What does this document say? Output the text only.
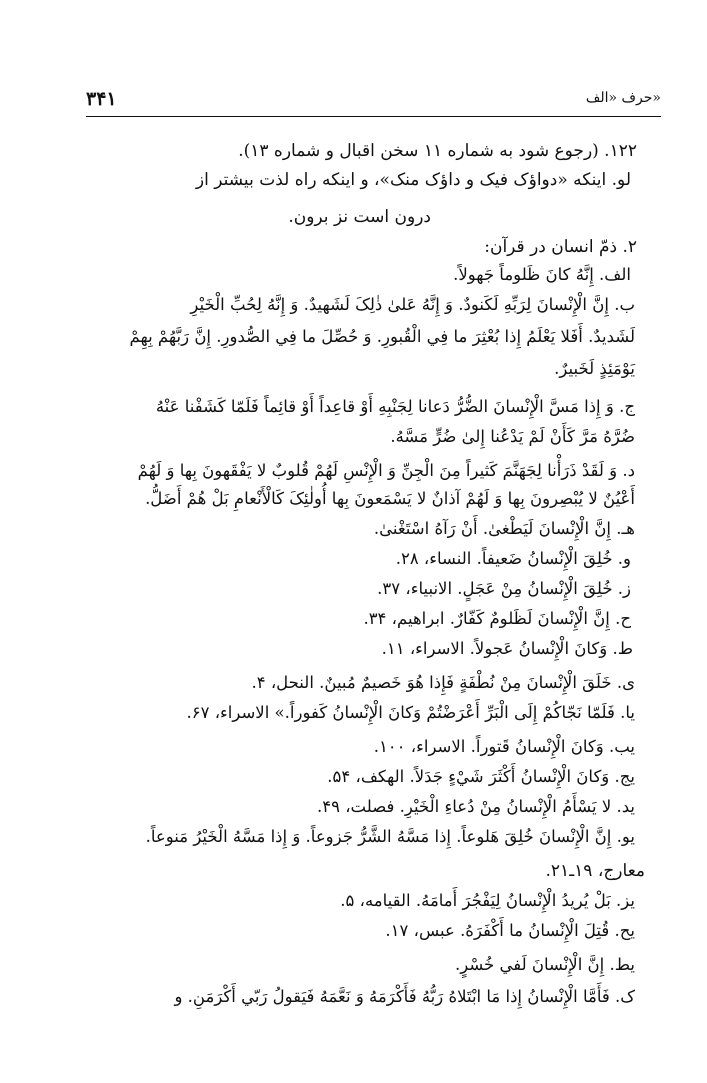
۳۴۱	حرف «الف»
۱۲۲. (رجوع شود به شماره ۱۱ سخن اقبال و شماره ۱۳).
لو. اینکه «دواؤک فیک و داؤک منک»، و اینکه راه لذت بیشتر از
درون است نز برون.
۲. ذمّ انسان در قرآن:
الف. إِنَّهُ کانَ ظَلوماً جَهولاً.
ب. إِنَّ الْإِنْسانَ لِرَبِّهِ لَكَنودٌ. وَ إِنَّهُ عَلىٰ ذٰلِکَ لَشَهيدٌ. وَ إِنَّهُ لِحُبِّ الْخَيْرِ
لَشَديدٌ. أَفَلا يَعْلَمُ إِذا بُعْثِرَ ما فِي الْقُبورِ. وَ حُصِّلَ ما فِي الصُّدورِ. إِنَّ رَبَّهُمْ بِهِمْ
يَوْمَئِذٍ لَخَبيرٌ.
ج. وَ إِذا مَسَّ الْإِنْسانَ الضُّرُّ دَعانا لِجَنْبِهِ أَوْ قاعِداً أَوْ قائِماً فَلَمّا كَشَفْنا عَنْهُ
ضُرَّهُ مَرَّ كَأَنْ لَمْ يَدْعُنا إِلىٰ ضُرٍّ مَسَّهُ.
د. وَ لَقَدْ ذَرَأْنا لِجَهَنَّمَ كَثيراً مِنَ الْجِنِّ وَ الْإِنْسِ لَهُمْ قُلوبٌ لا يَفْقَهونَ بِها وَ لَهُمْ
أَعْيُنٌ لا يُبْصِرونَ بِها وَ لَهُمْ آذانٌ لا يَسْمَعونَ بِها أُولٰئِکَ كَالْأَنْعامِ بَلْ هُمْ أَضَلُّ.
هـ. إِنَّ الْإِنْسانَ لَيَطْغىٰ. أَنْ رَآهُ اسْتَغْنىٰ.
و. خُلِقَ الْإِنْسانُ ضَعيفاً. النساء، ۲۸.
ز. خُلِقَ الْإِنْسانُ مِنْ عَجَلٍ. الانبیاء، ۳۷.
ح. إِنَّ الْإِنْسانَ لَظَلومٌ كَفّارٌ. ابراهیم، ۳۴.
ط. وَكانَ الْإِنْسانُ عَجولاً. الاسراء، ۱۱.
ی. خَلَقَ الْإِنْسانَ مِنْ نُطْفَةٍ فَإِذا هُوَ خَصيمٌ مُبينٌ. النحل، ۴.
یا. فَلَمّا نَجّاكُمْ إِلَى الْبَرِّ أَعْرَضْتُمْ وَكانَ الْإِنْسانُ كَفوراً.» الاسراء، ۶۷.
یب. وَكانَ الْإِنْسانُ قَتوراً. الاسراء، ۱۰۰.
یج. وَكانَ الْإِنْسانُ أَكْثَرَ شَيْءٍ جَدَلاً. الهکف، ۵۴.
ید. لا يَسْأَمُ الْإِنْسانُ مِنْ دُعاءِ الْخَيْرِ. فصلت، ۴۹.
یو. إِنَّ الْإِنْسانَ خُلِقَ هَلوعاً. إِذا مَسَّهُ الشَّرُّ جَزوعاً. وَ إِذا مَسَّهُ الْخَيْرُ مَنوعاً.
معارج، ۱۹ـ۲۱.
یز. بَلْ يُريدُ الْإِنْسانُ لِيَفْجُرَ أَمامَهُ. القیامه، ۵.
یح. قُتِلَ الْإِنْسانُ ما أَكْفَرَهُ. عبس، ۱۷.
یط. إِنَّ الْإِنْسانَ لَفي خُسْرٍ.
ک. فَأَمَّا الْإِنْسانُ إِذا مَا ابْتَلاهُ رَبُّهُ فَأَكْرَمَهُ وَ نَعَّمَهُ فَيَقولُ رَبّي أَكْرَمَنِ. و
